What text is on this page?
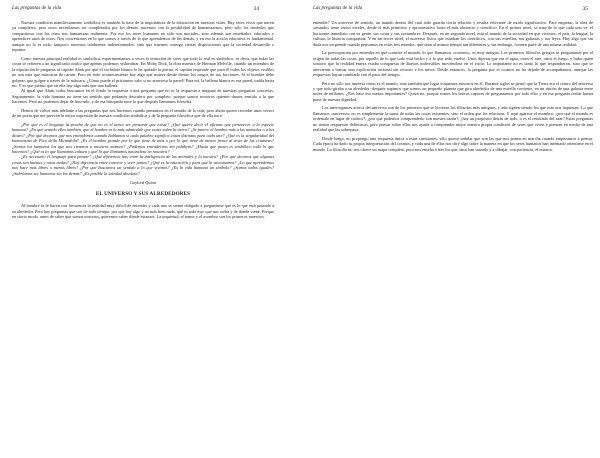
Las preguntas de la vida	34

Nuestra condición manifiestamente simbólica es también la base de la importancia de la educación en nuestras vidas. Hay seres vivos que nacen ya completos, pero otros necesitamos ser completados por los demás: nacemos con la posibilidad de humanizarnos, pero sólo los símbolos que compartimos con los otros nos humanizan realmente. Por eso los seres humanos no sólo son mortales, sino además son enseñados, educados y aprendices unos de otros. Nos convertimos en lo que somos a través de lo que aprendemos de los demás, y en eso la acción educativa es fundamental, aunque no lo es todo: tampoco nacemos totalmente indeterminados, sino que traemos consigo ciertas disposiciones que la sociedad desarrolla o reprime.

Como nuestra principal realidad es simbólica, experimentamos a veces la tentación de creer que todo lo real es simbólico, es decir, que todas las cosas se refieren a un significado oculto que apenas podemos vislumbrar. En Moby Dick, la obra maestra de Herman Melville, cuando un miembro de la tripulación le pregunta al capitán Ahab por qué el cachalote blanco le ha quitado la pierna, el capitán responde que para él todos los objetos visibles no son más que máscaras de cartón. Pero en todo acontecimiento hay algo que mueve desde dentro los rasgos de sus facciones. Si el hombre debe golpear, que golpee a través de la máscara. ¿Cómo puede el prisionero salir si no atraviesa la pared? Para mí, la ballena blanca es esa pared, traída hasta mí. Y es que pienso que en ella hay algo más que una ballena.

Al igual que Ahab, todos buscamos en el fondo la respuesta a una pregunta que no es la respuesta a ninguna de nuestras preguntas concretas. Seguramente, la vida humana no tiene un sentido que podamos descubrir por completo, porque somos nosotros quienes damos sentido a lo que hacemos. Pero no podemos dejar de buscarlo, y de esa búsqueda nace lo que después llamamos filosofía.

Hemos de volver más adelante a las preguntas que nos hacemos cuando pensamos en el sentido de la vida, pero ahora quiero recordar unos versos de un poeta que me parecen la mejor expresión de nuestra condición simbólica y de la pregunta filosófica que de ella nace:

¿Por qué es el lenguaje la prueba de que no es el único ser pensante que existe? ¿Qué quiere decir el afirmar que pertenecer a la especie humana? ¿En qué sentido ellos también, que el hombre es lo más admirable que existe sobre la tierra? ¿Se parece el hombre más a los animales o a los dioses? ¿Por qué decimos que nos entendemos cuando hablamos si cada palabra significa cosas distintas para cada uno? ¿Qué es la singularidad del humanismo de Pico della Mirandola? ¿Es el hombre grande por lo que tiene de más o por lo que tiene de menos frente al resto de las criaturas? ¿Somos los humanos los que nos creamos a nosotros mismos? ¿Podemos entendernos sin palabras? ¿Hasta qué punto es simbólico todo lo que hacemos? ¿Qué es lo que llamamos cultura y qué lo que llamamos naturaleza en nosotros?

¿Es necesario el lenguaje para pensar? ¿Qué diferencia hay entre la inteligencia de los animales y la nuestra? ¿Por qué decimos que algunas cosas son buenas y otras malas? ¿Hay diferencia entre convivir y vivir juntos? ¿Qué es la educación y para qué la necesitamos? ¿Lo que aprendemos nos hace más libres o menos libres? ¿Por qué buscamos un sentido a lo que vivimos? ¿Es la vida humana un símbolo? ¿Somos todos iguales? ¿Sabríamos ser humanos sin los demás? ¿Es posible la soledad absoluta?

Gaylord Quinn
EL UNIVERSO Y SUS ALREDEDORES

Al hombre se le hacen con frecuencia la realidad muy difícil de entender y cada uno se siente obligado a preguntarse qué es lo que está pasando a su alrededor. Pero hay preguntas que son de todo tiempo: por qué hay algo y no más bien nada, qué es todo esto que nos rodea y de dónde viene. Porque en cierto modo, antes de saber qué somos nosotros, queremos saber dónde estamos. La inquietud, el temor y el asombro son los primeros maestros.

Las preguntas de la vida	35

entender? Un universo de sentido, un mundo dentro del cual todo guarda cierta relación y resulta relevante de modo significativo. Para empezar, la idea de «mundo» tiene varios niveles, desde el más primitivo y aproximativo hasta el más abstracto y científico. En el primer nivel, se trata de lo que cada uno ve: el horizonte inmediato con su gente, sus cosas y sus costumbres. Después, en un segundo nivel, está el mundo de la sociedad en que vivimos: el país, la lengua, la cultura, la historia compartida. Y en un tercer nivel, el universo físico que estudian los científicos, con sus estrellas, sus galaxias y sus leyes. Hay algo que sin duda nos sorprende cuando pensamos en estos tres mundos: que sean al mismo tiempo tan diferentes y, sin embargo, formen parte de una misma realidad.

La preocupación por entender en qué consiste el mundo, lo que llamamos «cosmos», es muy antigua. Los primeros filósofos griegos se preguntaron por el origen de todas las cosas, por aquello de lo que todo está hecho y a lo que todo vuelve. Unos dijeron que era el agua, otros el aire, otros el fuego, y hubo quien sostuvo que la realidad entera estaba compuesta de átomos indivisibles moviéndose en el vacío. Lo importante no es tanto lo que respondieron, sino que se atrevieran a buscar una explicación racional sin recurrir a los mitos. Desde entonces, la pregunta por el cosmos no ha dejado de acompañarnos, aunque las respuestas hayan cambiado con el paso del tiempo.

Pero no sólo nos interesa cómo es el mundo, sino también qué lugar ocupamos nosotros en él. Durante siglos se pensó que la Tierra era el centro del universo y que todo giraba a su alrededor; después supimos que somos un pequeño planeta que gira alrededor de una estrella corriente, en un rincón de una galaxia entre miles de millones. ¿Nos hace eso menos importantes? Quizá no, porque somos los únicos capaces de preguntarnos por todo ello, y en esa pregunta reside buena parte de nuestra dignidad.

Los interrogantes acerca del universo son de los primeros que se hicieron los filósofos más antiguos, y aún siguen siendo los que más nos inquietan. Lo que llamamos «universo» no es simplemente la suma de todas las cosas existentes, sino el orden que las relaciona. Y aquí aparece el asombro: ¿por qué el mundo es ordenado en lugar de caótico?, ¿por qué podemos comprenderlo con nuestra razón?, ¿hay un propósito detrás de todo, o es el resultado del azar? Estas preguntas no tienen respuestas definitivas, pero pensar sobre ellas nos ayuda a comprender mejor nuestra propia condición de seres que viven y piensan en medio de una realidad que les sobrepasa.

Desde luego, no propongo una respuesta única a estas cuestiones; sólo quiero señalar que son las que nos ponen en marcha cuando empezamos a pensar. Cada época ha dado su propia interpretación del cosmos, y cada una de ellas nos dice algo sobre la manera en que los seres humanos han intentado orientarse en el mundo. La filosofía no nos ofrece un mapa completo, pero nos enseña a leer los que otros han trazado y a dibujar, con paciencia, el nuestro.
